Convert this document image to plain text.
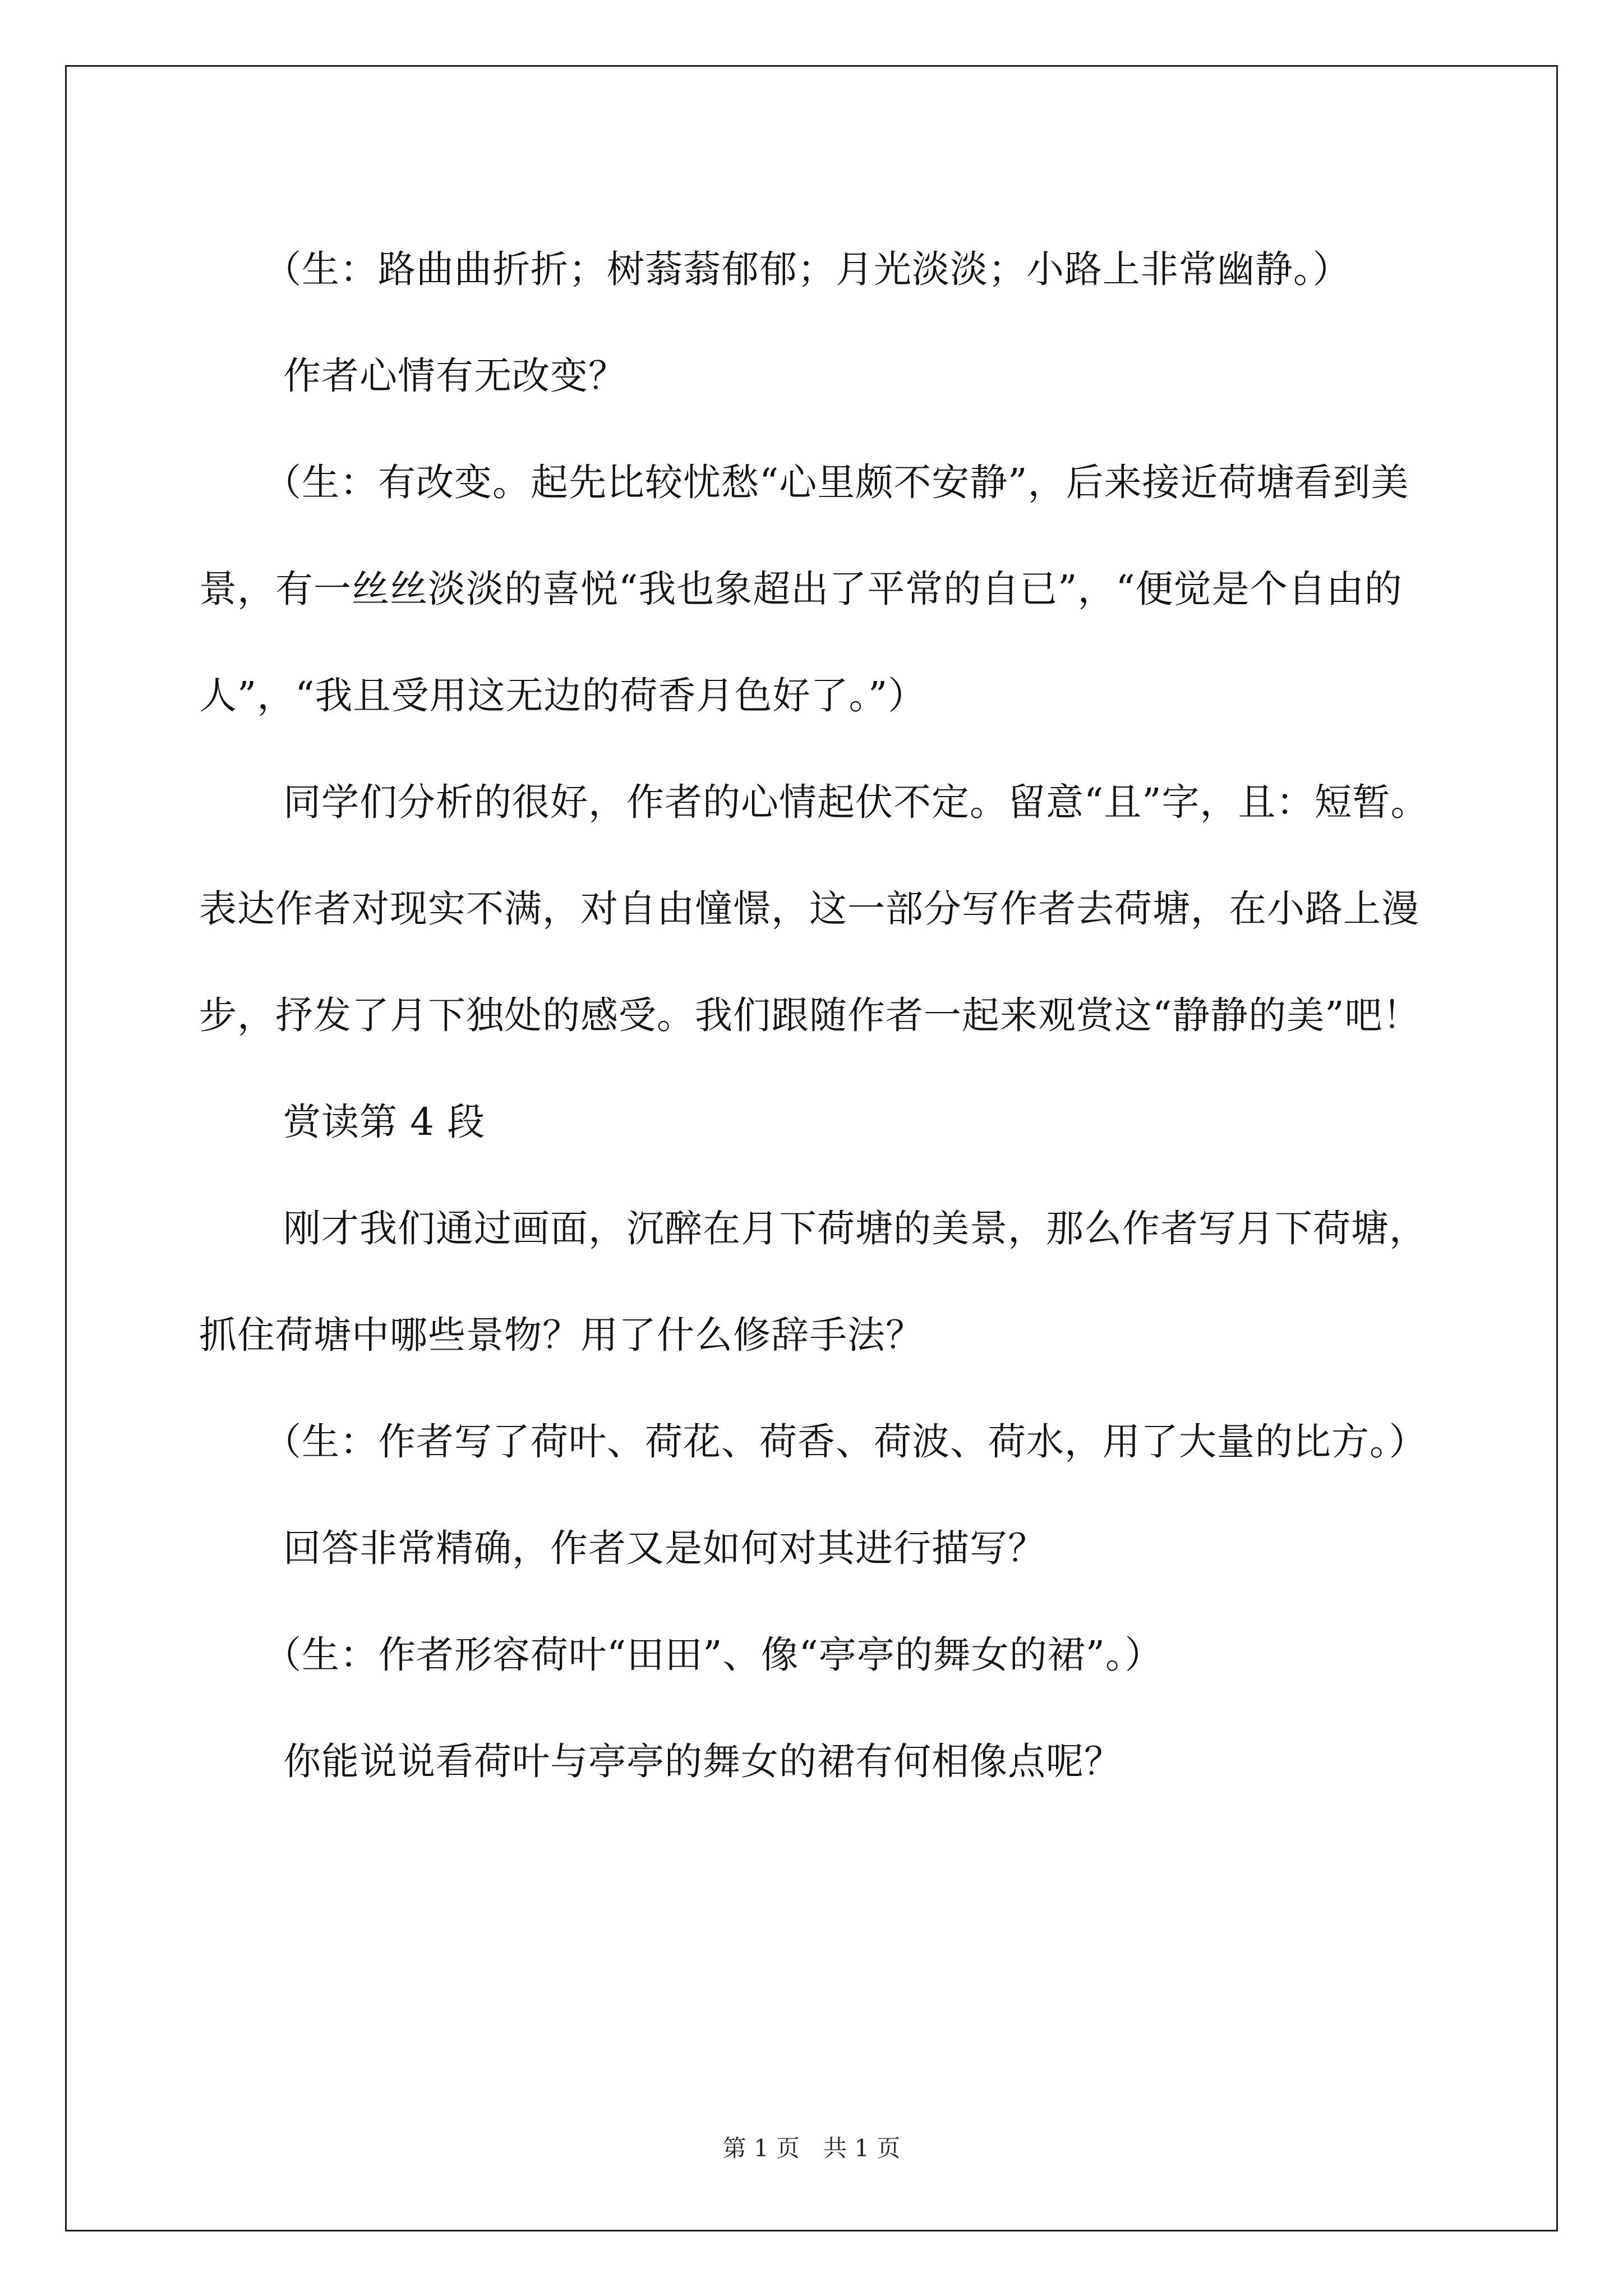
（生：路曲曲折折；树蓊蓊郁郁；月光淡淡；小路上非常幽静。）

作者心情有无改变？

（生：有改变。起先比较忧愁“心里颇不安静”，后来接近荷塘看到美景，有一丝丝淡淡的喜悦“我也象超出了平常的自已”，“便觉是个自由的人”，“我且受用这无边的荷香月色好了。”）

同学们分析的很好，作者的心情起伏不定。留意“且”字，且：短暂。表达作者对现实不满，对自由憧憬，这一部分写作者去荷塘，在小路上漫步，抒发了月下独处的感受。我们跟随作者一起来观赏这“静静的美”吧！

赏读第 4 段

刚才我们通过画面，沉醉在月下荷塘的美景，那么作者写月下荷塘，抓住荷塘中哪些景物？用了什么修辞手法？

（生：作者写了荷叶、荷花、荷香、荷波、荷水，用了大量的比方。）

回答非常精确，作者又是如何对其进行描写？

（生：作者形容荷叶“田田”、像“亭亭的舞女的裙”。）

你能说说看荷叶与亭亭的舞女的裙有何相像点呢？

第 1 页　共 1 页
